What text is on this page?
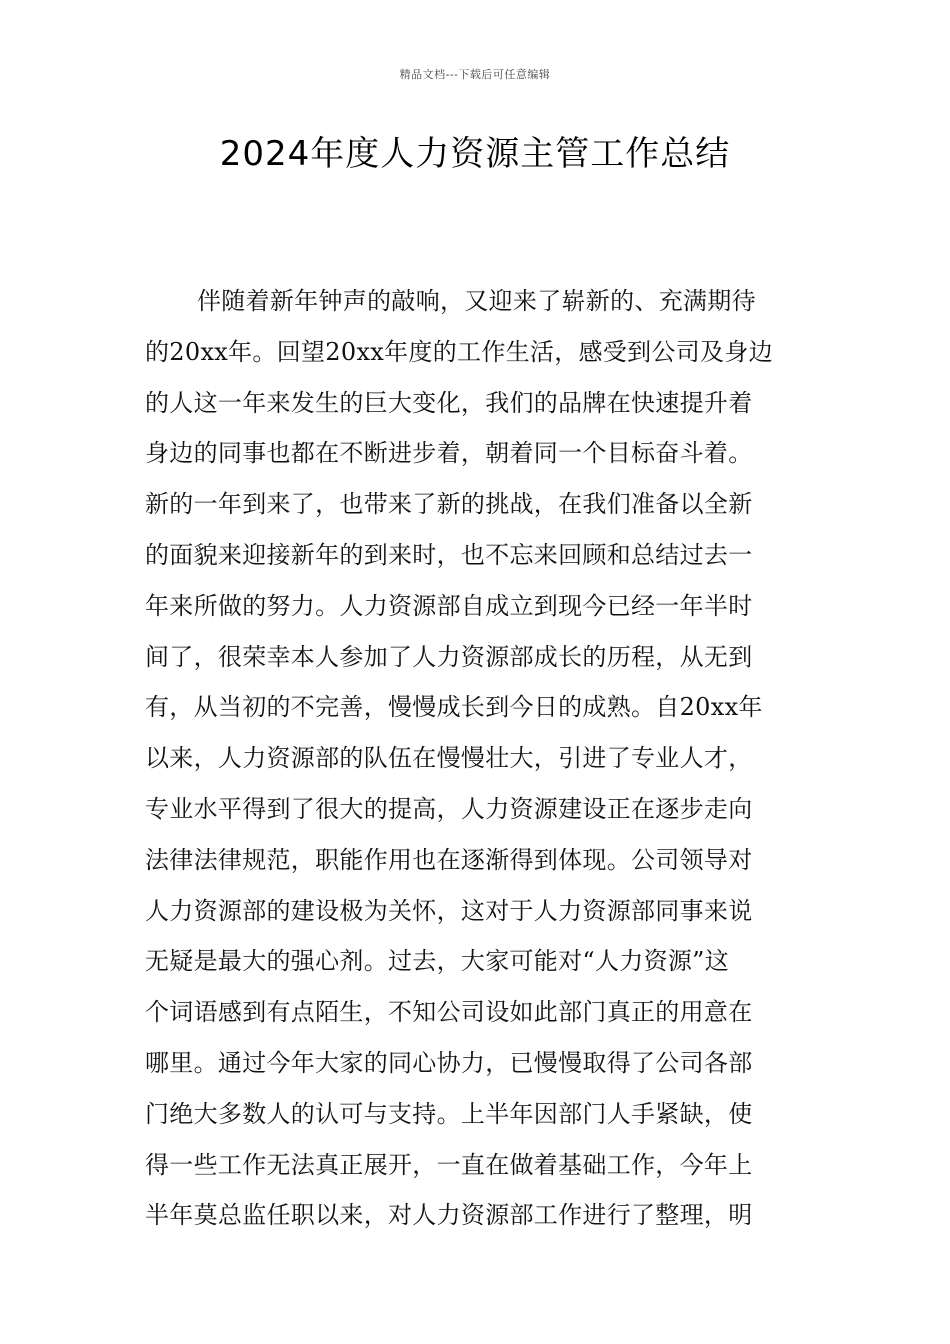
精品文档---下载后可任意编辑
2024年度人力资源主管工作总结
伴随着新年钟声的敲响，又迎来了崭新的、充满期待
的20xx年。回望20xx年度的工作生活，感受到公司及身边
的人这一年来发生的巨大变化，我们的品牌在快速提升着
身边的同事也都在不断进步着，朝着同一个目标奋斗着。
新的一年到来了，也带来了新的挑战，在我们准备以全新
的面貌来迎接新年的到来时，也不忘来回顾和总结过去一
年来所做的努力。人力资源部自成立到现今已经一年半时
间了，很荣幸本人参加了人力资源部成长的历程，从无到
有，从当初的不完善，慢慢成长到今日的成熟。自20xx年
以来，人力资源部的队伍在慢慢壮大，引进了专业人才，
专业水平得到了很大的提高，人力资源建设正在逐步走向
法律法律规范，职能作用也在逐渐得到体现。公司领导对
人力资源部的建设极为关怀，这对于人力资源部同事来说
无疑是最大的强心剂。过去，大家可能对“人力资源”这
个词语感到有点陌生，不知公司设如此部门真正的用意在
哪里。通过今年大家的同心协力，已慢慢取得了公司各部
门绝大多数人的认可与支持。上半年因部门人手紧缺，使
得一些工作无法真正展开，一直在做着基础工作，今年上
半年莫总监任职以来，对人力资源部工作进行了整理，明
